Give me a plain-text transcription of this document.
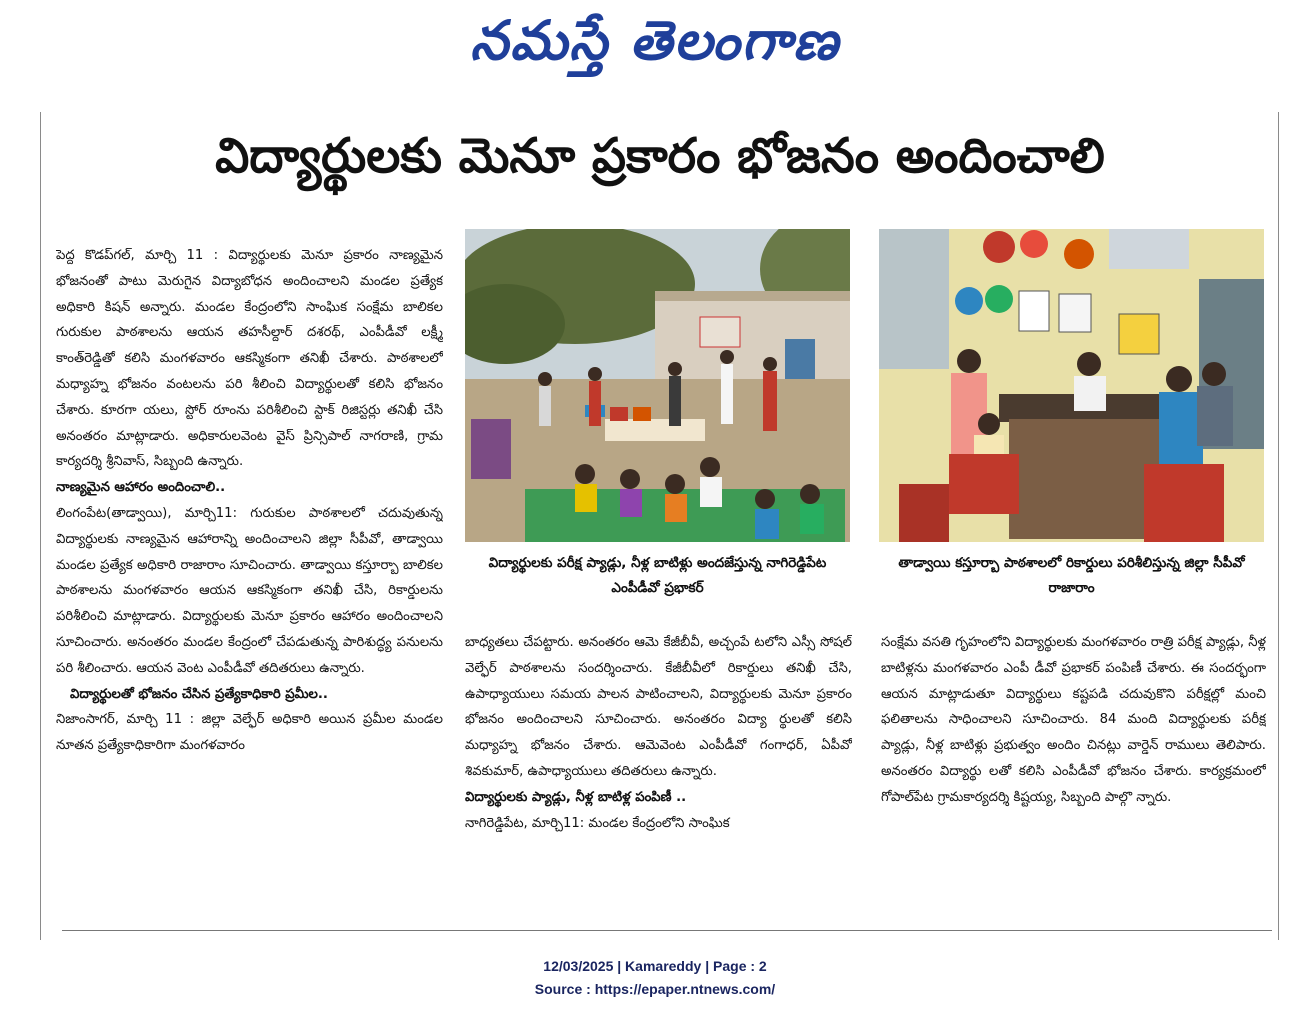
నమస్తే తెలంగాణ
విద్యార్థులకు మెనూ ప్రకారం భోజనం అందించాలి

పెద్ద కొడప్‌గల్, మార్చి 11 : విద్యార్థులకు మెనూ ప్రకారం నాణ్యమైన భోజనంతో పాటు మెరుగైన విద్యాబోధన అందించాలని మండల ప్రత్యేక అధికారి కిషన్ అన్నారు. మండల కేంద్రంలోని సాంఘిక సంక్షేమ బాలికల గురుకుల పాఠశాలను ఆయన తహసీల్దార్ దశరథ్, ఎంపీడీవో లక్ష్మీ కాంత్‌రెడ్డితో కలిసి మంగళవారం ఆకస్మికంగా తనిఖీ చేశారు. పాఠశాలలో మధ్యాహ్న భోజనం వంటలను పరి శీలించి విద్యార్థులతో కలిసి భోజనం చేశారు. కూరగా యలు, స్టోర్ రూంను పరిశీలించి స్టాక్ రిజిస్టర్లు తనిఖీ చేసి అనంతరం మాట్లాడారు. అధికారులవెంట వైస్ ప్రిన్సిపాల్ నాగరాణి, గ్రామ కార్యదర్శి శ్రీనివాస్, సిబ్బంది ఉన్నారు.

నాణ్యమైన ఆహారం అందించాలి..

లింగంపేట(తాడ్వాయి), మార్చి11: గురుకుల పాఠశాలలో చదువుతున్న విద్యార్థులకు నాణ్యమైన ఆహారాన్ని అందించాలని జిల్లా సీపీవో, తాడ్వాయి మండల ప్రత్యేక అధికారి రాజారాం సూచించారు. తాడ్వాయి కస్తూర్బా బాలికల పాఠశాలను మంగళవారం ఆయన ఆకస్మికంగా తనిఖీ చేసి, రికార్డులను పరిశీలించి మాట్లాడారు. విద్యార్థులకు మెనూ ప్రకారం ఆహారం అందించాలని సూచించారు. అనంతరం మండల కేంద్రంలో చేపడుతున్న పారిశుద్ధ్య పనులను పరి శీలించారు. ఆయన వెంట ఎంపీడీవో తదితరులు ఉన్నారు.

విద్యార్థులతో భోజనం చేసిన ప్రత్యేకాధికారి ప్రమీల..

నిజాంసాగర్, మార్చి 11 : జిల్లా వెల్ఫేర్ అధికారి అయిన ప్రమీల మండల నూతన ప్రత్యేకాధికారిగా మంగళవారం

విద్యార్థులకు పరీక్ష ప్యాడ్లు, నీళ్ల బాటిళ్లు అందజేస్తున్న నాగిరెడ్డిపేట ఎంపీడీవో ప్రభాకర్
తాడ్వాయి కస్తూర్బా పాఠశాలలో రికార్డులు పరిశీలిస్తున్న జిల్లా సీపీవో రాజారాం

బాధ్యతలు చేపట్టారు. అనంతరం ఆమె కేజీబీవీ, అచ్చంపే టలోని ఎస్సీ సోషల్ వెల్ఫేర్ పాఠశాలను సందర్శించారు. కేజీబీవీలో రికార్డులు తనిఖీ చేసి, ఉపాధ్యాయులు సమయ పాలన పాటించాలని, విద్యార్థులకు మెనూ ప్రకారం భోజనం అందించాలని సూచించారు. అనంతరం విద్యా ర్థులతో కలిసి మధ్యాహ్న భోజనం చేశారు. ఆమెవెంట ఎంపీడీవో గంగాధర్, ఏపీవో శివకుమార్, ఉపాధ్యాయులు తదితరులు ఉన్నారు.

విద్యార్థులకు ప్యాడ్లు, నీళ్ల బాటిళ్ల పంపిణీ ..

నాగిరెడ్డిపేట, మార్చి11: మండల కేంద్రంలోని సాంఘిక

సంక్షేమ వసతి గృహంలోని విద్యార్థులకు మంగళవారం రాత్రి పరీక్ష ప్యాడ్లు, నీళ్ల బాటిళ్లను మంగళవారం ఎంపీ డీవో ప్రభాకర్ పంపిణీ చేశారు. ఈ సందర్భంగా ఆయన మాట్లాడుతూ విద్యార్థులు కష్టపడి చదువుకొని పరీక్షల్లో మంచి ఫలితాలను సాధించాలని సూచించారు. 84 మంది విద్యార్థులకు పరీక్ష ప్యాడ్లు, నీళ్ల బాటిళ్లు ప్రభుత్వం అందిం చినట్లు వార్డెన్ రాములు తెలిపారు. అనంతరం విద్యార్థు లతో కలిసి ఎంపీడీవో భోజనం చేశారు. కార్యక్రమంలో గోపాల్‌పేట గ్రామకార్యదర్శి కిష్టయ్య, సిబ్బంది పాల్గొ న్నారు.

12/03/2025 | Kamareddy | Page : 2
Source : https://epaper.ntnews.com/
